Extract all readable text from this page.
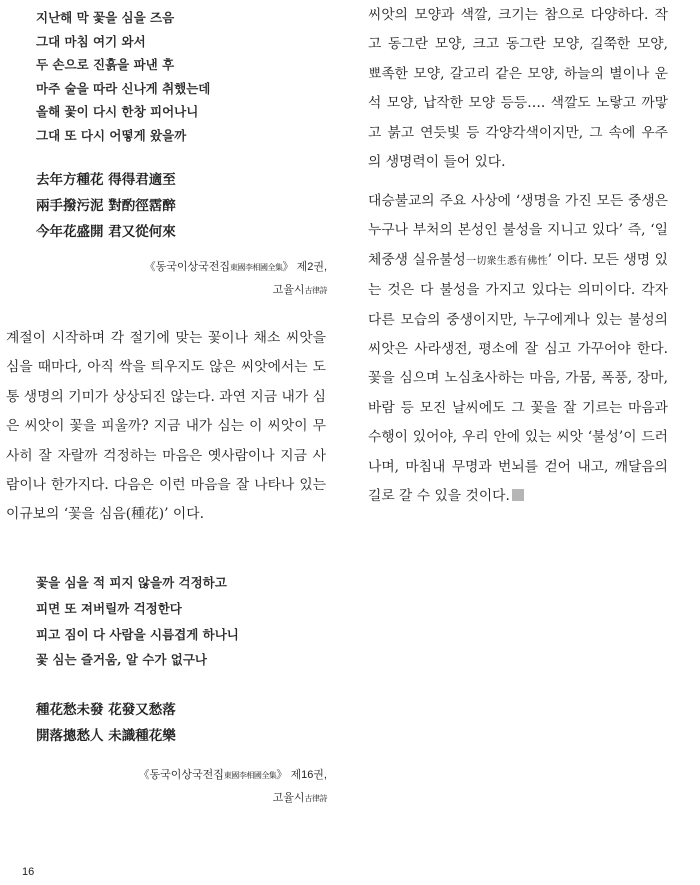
지난해 막 꽃을 심을 즈음
그대 마침 여기 와서
두 손으로 진흙을 파낸 후
마주 술을 따라 신나게 취했는데
올해 꽃이 다시 한창 피어나니
그대 또 다시 어떻게 왔을까
去年方種花 得得君適至
兩手撥污泥 對酌徑霑醉
今年花盛開 君又從何來
《동국이상국전집東國李相國全集》 제2권,
고율시古律詩
계절이 시작하며 각 절기에 맞는 꽃이나 채소 씨앗을 심을 때마다, 아직 싹을 틔우지도 않은 씨앗에서는 도통 생명의 기미가 상상되진 않는다. 과연 지금 내가 심은 씨앗이 꽃을 피울까? 지금 내가 심는 이 씨앗이 무사히 잘 자랄까 걱정하는 마음은 옛사람이나 지금 사람이나 한가지다. 다음은 이런 마음을 잘 나타나 있는 이규보의 ‘꽃을 심음(種花)’ 이다.
꽃을 심을 적 피지 않을까 걱정하고
피면 또 져버릴까 걱정한다
피고 짐이 다 사람을 시름겹게 하나니
꽃 심는 즐거움, 알 수가 없구나
種花愁未發 花發又愁落
開落摠愁人 未識種花樂
《동국이상국전집東國李相國全集》 제16권,
고율시古律詩
씨앗의 모양과 색깔, 크기는 참으로 다양하다. 작고 동그란 모양, 크고 동그란 모양, 길쭉한 모양, 뾰족한 모양, 갈고리 같은 모양, 하늘의 별이나 운석 모양, 납작한 모양 등등…. 색깔도 노랗고 까맣고 붉고 연듯빛 등 각양각색이지만, 그 속에 우주의 생명력이 들어 있다.
대승불교의 주요 사상에 ‘생명을 가진 모든 중생은 누구나 부처의 본성인 불성을 지니고 있다’ 즉, ‘일체중생 실유불성一切衆生悉有佛性’ 이다. 모든 생명 있는 것은 다 불성을 가지고 있다는 의미이다. 각자 다른 모습의 중생이지만, 누구에게나 있는 불성의 씨앗은 사라생전, 평소에 잘 심고 가꾸어야 한다. 꽃을 심으며 노심초사하는 마음, 가뭄, 폭풍, 장마, 바람 등 모진 날씨에도 그 꽃을 잘 기르는 마음과 수행이 있어야, 우리 안에 있는 씨앗 ‘불성’이 드러나며, 마침내 무명과 번뇌를 걷어 내고, 깨달음의 길로 갈 수 있을 것이다.
16
